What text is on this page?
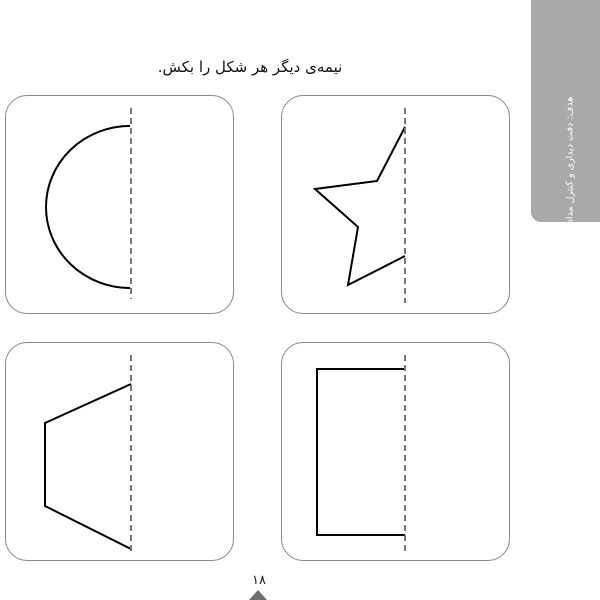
هدف: دقت دیداری و کنترل مداد
نیمه‌ی دیگر هر شکل را بکش.
۱۸
